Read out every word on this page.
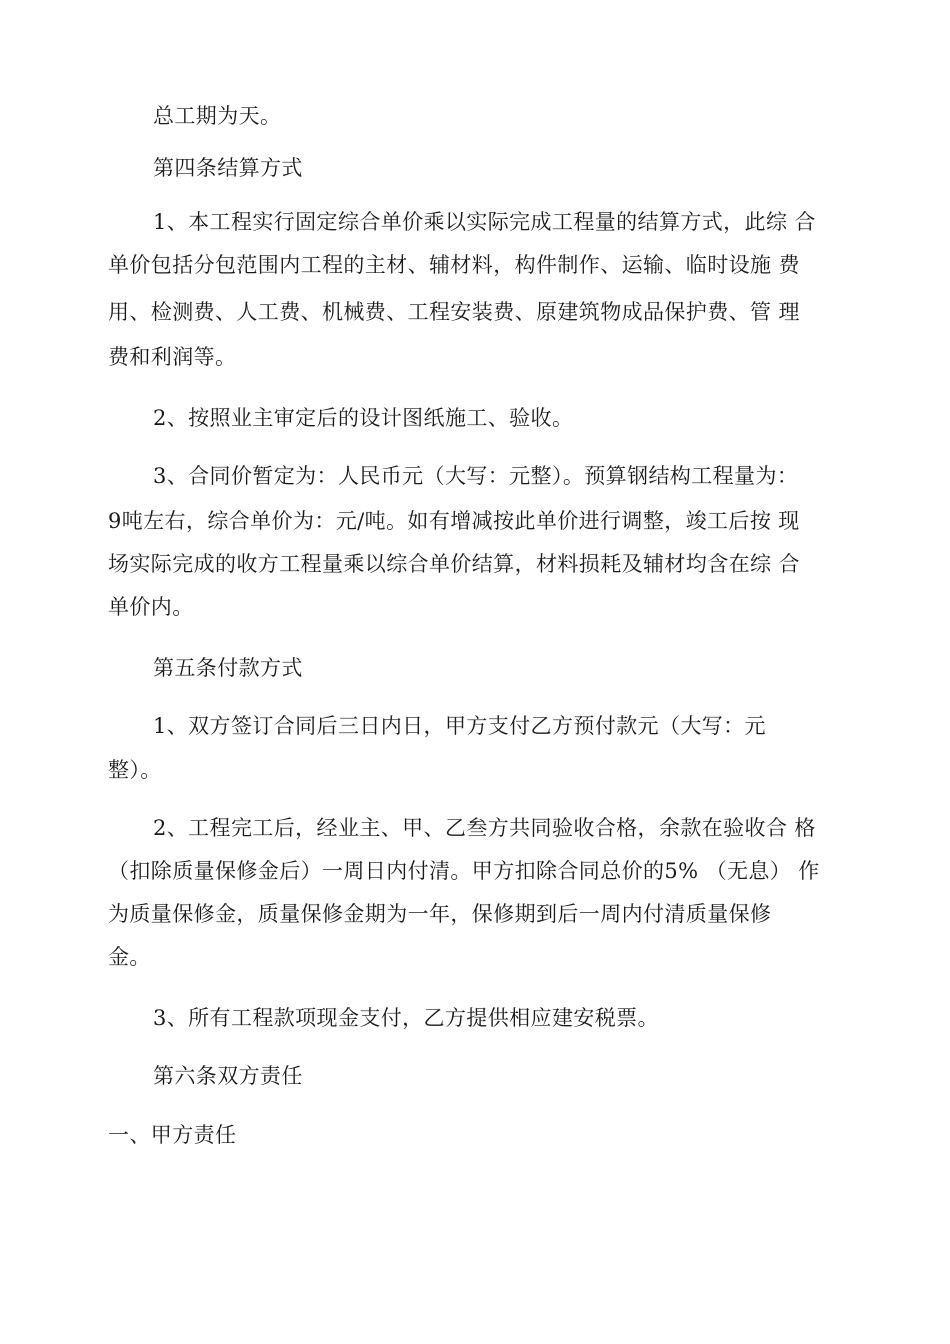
总工期为天。
第四条结算方式
1、本工程实行固定综合单价乘以实际完成工程量的结算方式，此综 合
单价包括分包范围内工程的主材、辅材料，构件制作、运输、临时设施 费
用、检测费、人工费、机械费、工程安装费、原建筑物成品保护费、管 理
费和利润等。
2、按照业主审定后的设计图纸施工、验收。
3、合同价暂定为：人民币元（大写：元整）。预算钢结构工程量为：
9吨左右，综合单价为：元/吨。如有增减按此单价进行调整，竣工后按 现
场实际完成的收方工程量乘以综合单价结算，材料损耗及辅材均含在综 合
单价内。
第五条付款方式
1、双方签订合同后三日内日，甲方支付乙方预付款元（大写：元
整）。
2、工程完工后，经业主、甲、乙叁方共同验收合格，余款在验收合 格
（扣除质量保修金后）一周日内付清。甲方扣除合同总价的5% （无息） 作
为质量保修金，质量保修金期为一年，保修期到后一周内付清质量保修
金。
3、所有工程款项现金支付，乙方提供相应建安税票。
第六条双方责任
一、甲方责任
